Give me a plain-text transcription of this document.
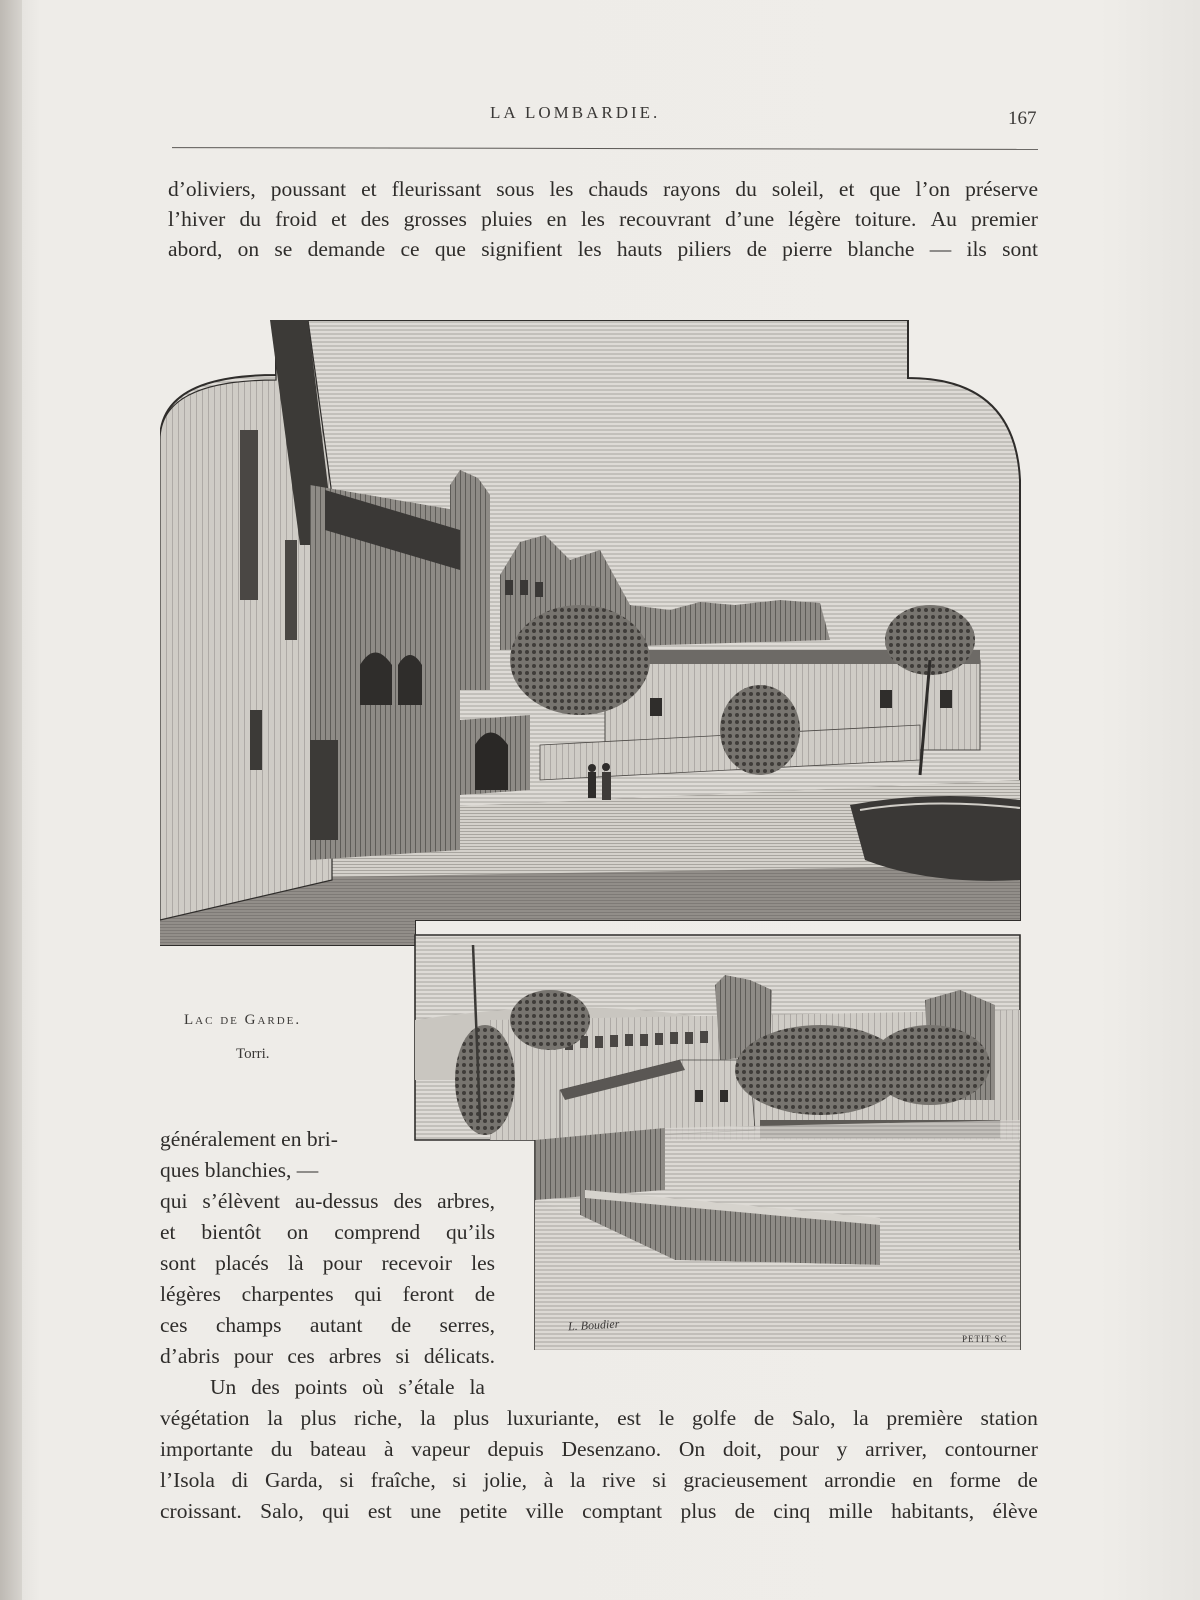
LA LOMBARDIE.	167
d’oliviers, poussant et fleurissant sous les chauds rayons du soleil, et que l’on préserve
l’hiver du froid et des grosses pluies en les recouvrant d’une légère toiture. Au premier
abord, on se demande ce que signifient les hauts piliers de pierre blanche — ils sont
Lac de Garde.
Torri.
L. Boudier
PETIT SC
généralement en bri-
ques blanchies, —
qui s’élèvent au-dessus des arbres,
et bientôt on comprend qu’ils
sont placés là pour recevoir les
légères charpentes qui feront de
ces champs autant de serres,
d’abris pour ces arbres si délicats.
Un des points où s’étale la
végétation la plus riche, la plus luxuriante, est le golfe de Salo, la première station
importante du bateau à vapeur depuis Desenzano. On doit, pour y arriver, contourner
l’Isola di Garda, si fraîche, si jolie, à la rive si gracieusement arrondie en forme de
croissant. Salo, qui est une petite ville comptant plus de cinq mille habitants, élève
